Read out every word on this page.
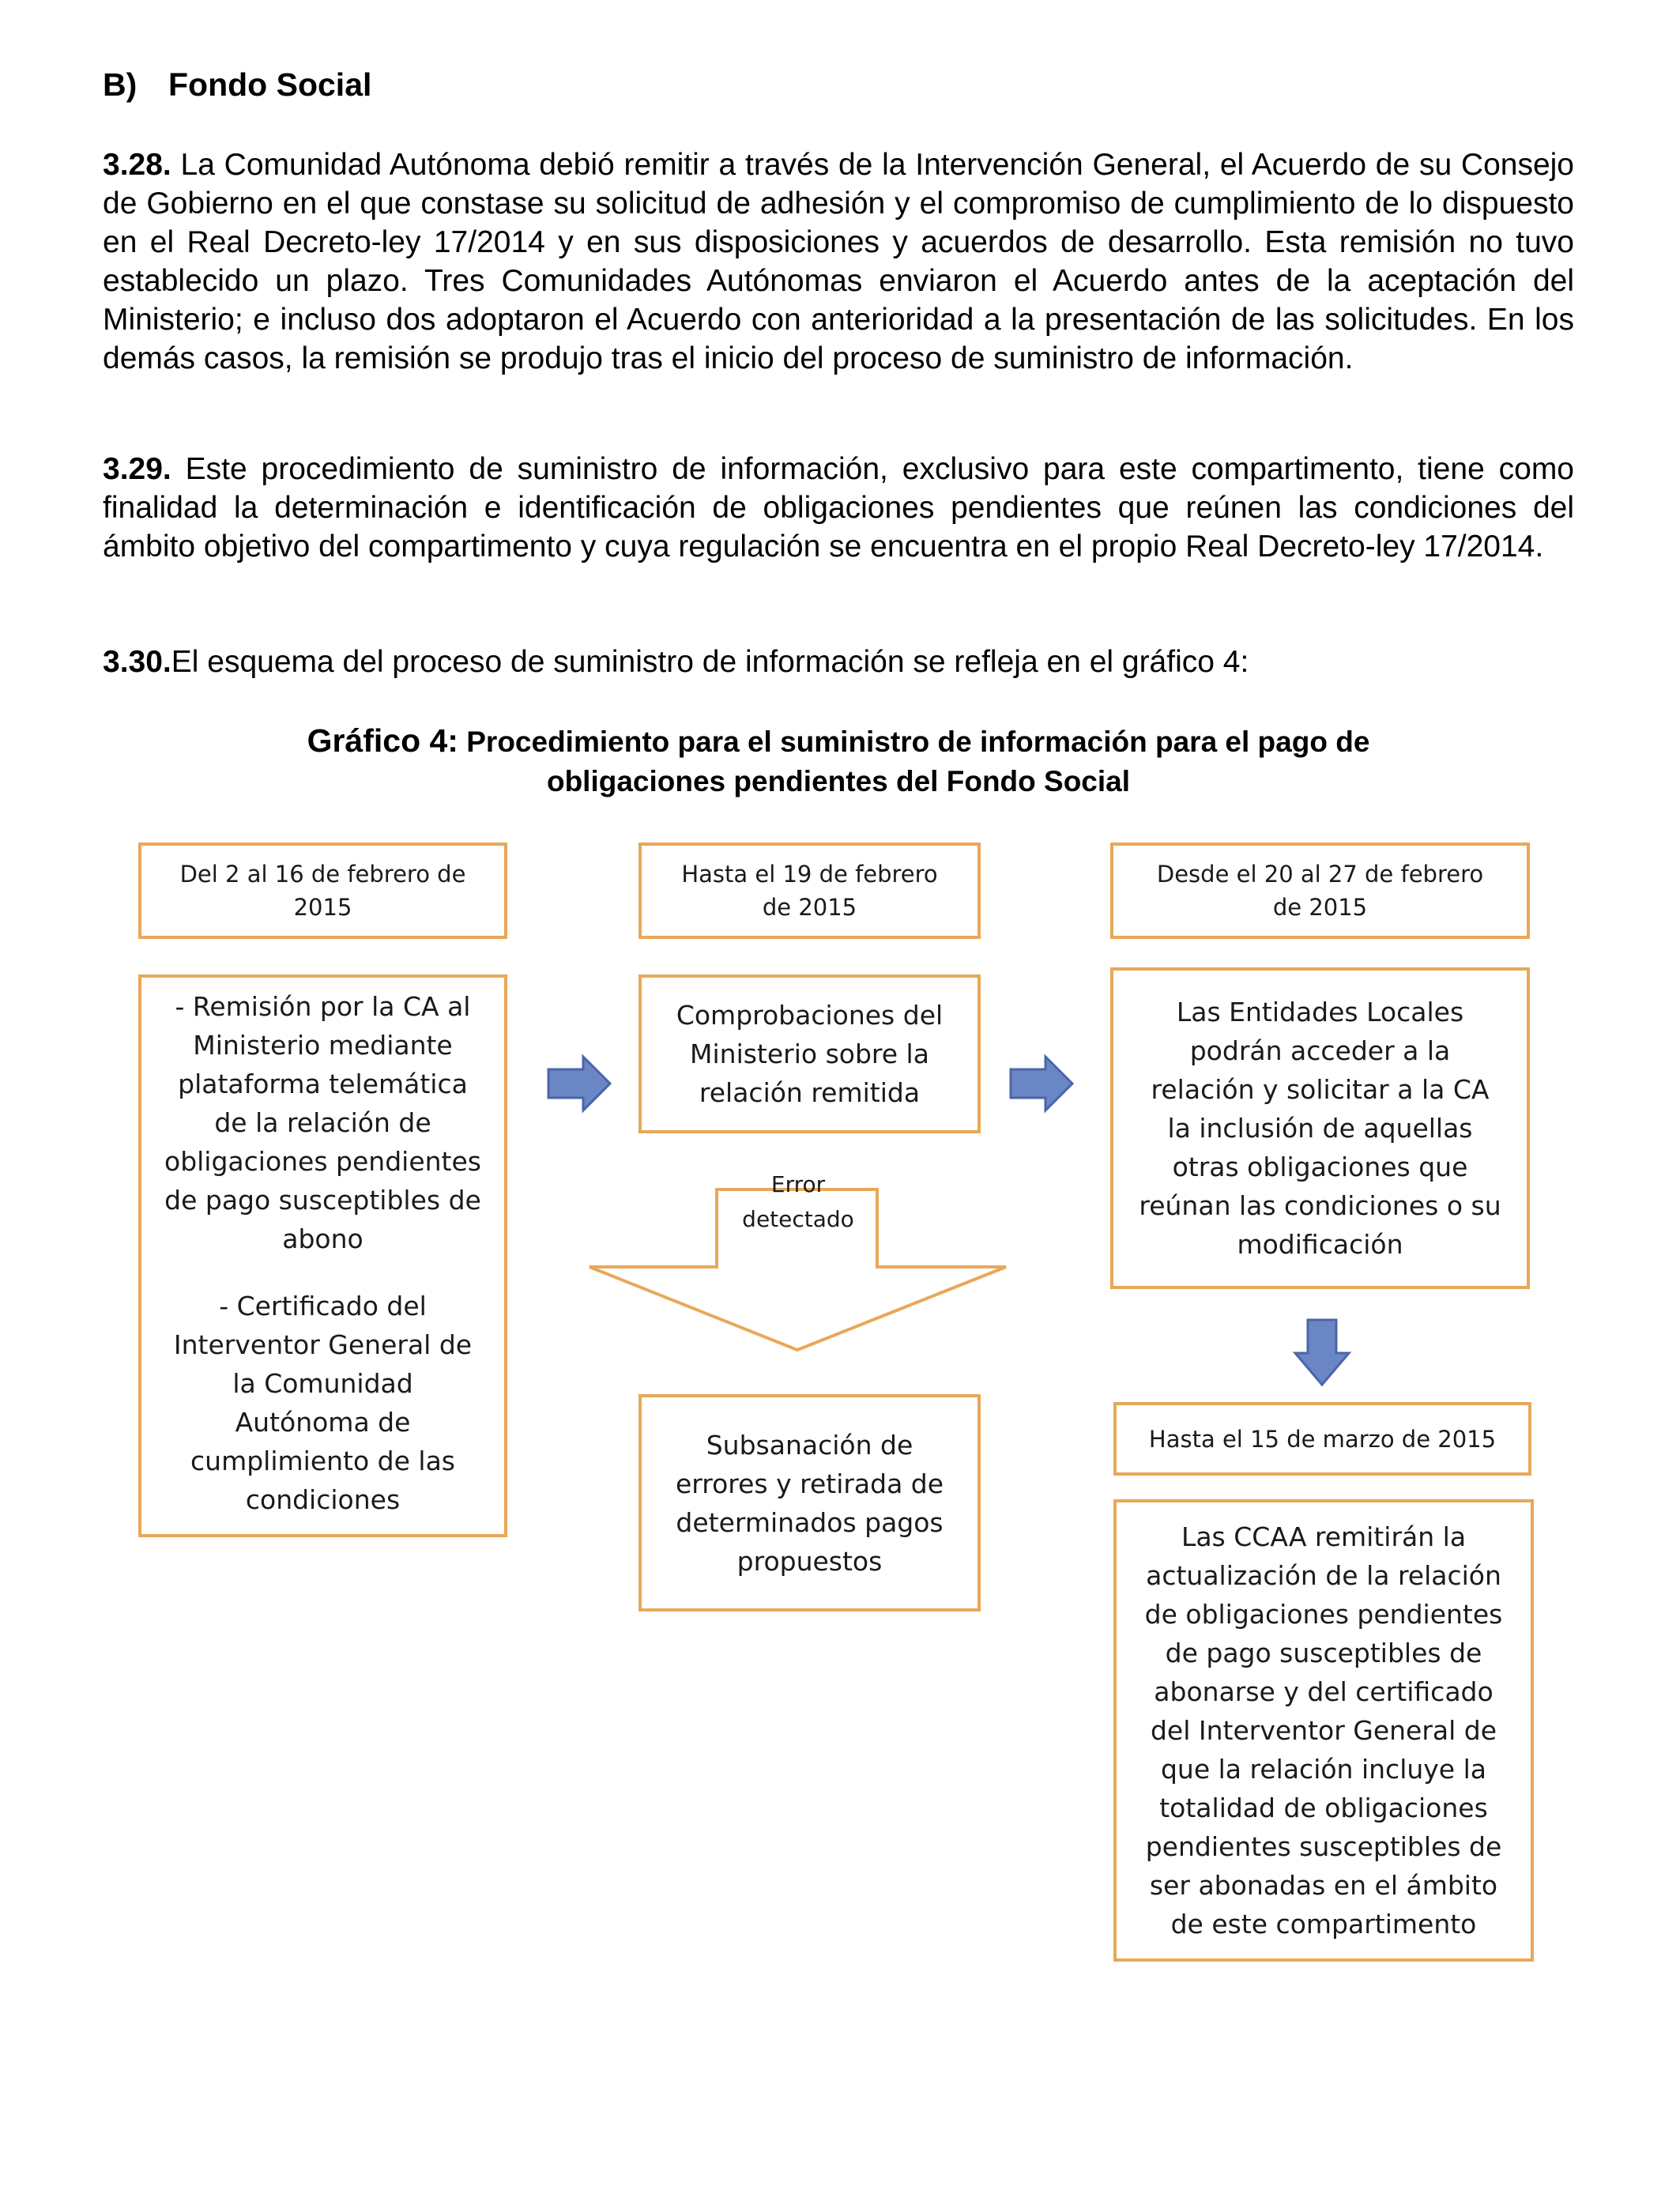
B) Fondo Social
3.28. La Comunidad Autónoma debió remitir a través de la Intervención General, el Acuerdo de su Consejo de Gobierno en el que constase su solicitud de adhesión y el compromiso de cumplimiento de lo dispuesto en el Real Decreto-ley 17/2014 y en sus disposiciones y acuerdos de desarrollo. Esta remisión no tuvo establecido un plazo. Tres Comunidades Autónomas enviaron el Acuerdo antes de la aceptación del Ministerio; e incluso dos adoptaron el Acuerdo con anterioridad a la presentación de las solicitudes. En los demás casos, la remisión se produjo tras el inicio del proceso de suministro de información.
3.29. Este procedimiento de suministro de información, exclusivo para este compartimento, tiene como finalidad la determinación e identificación de obligaciones pendientes que reúnen las condiciones del ámbito objetivo del compartimento y cuya regulación se encuentra en el propio Real Decreto-ley 17/2014.
3.30.El esquema del proceso de suministro de información se refleja en el gráfico 4:
Gráfico 4: Procedimiento para el suministro de información para el pago de
obligaciones pendientes del Fondo Social
Del 2 al 16 de febrero de
2015
- Remisión por la CA al
Ministerio mediante
plataforma telemática
de la relación de
obligaciones pendientes
de pago susceptibles de
abono
- Certificado del
Interventor General de
la Comunidad
Autónoma de
cumplimiento de las
condiciones
Hasta el 19 de febrero
de 2015
Comprobaciones del
Ministerio sobre la
relación remitida
Error
detectado
Subsanación de
errores y retirada de
determinados pagos
propuestos
Desde el 20 al 27 de febrero
de 2015
Las Entidades Locales
podrán acceder a la
relación y solicitar a la CA
la inclusión de aquellas
otras obligaciones que
reúnan las condiciones o su
modificación
Hasta el 15 de marzo de 2015
Las CCAA remitirán la
actualización de la relación
de obligaciones pendientes
de pago susceptibles de
abonarse y del certificado
del Interventor General de
que la relación incluye la
totalidad de obligaciones
pendientes susceptibles de
ser abonadas en el ámbito
de este compartimento
